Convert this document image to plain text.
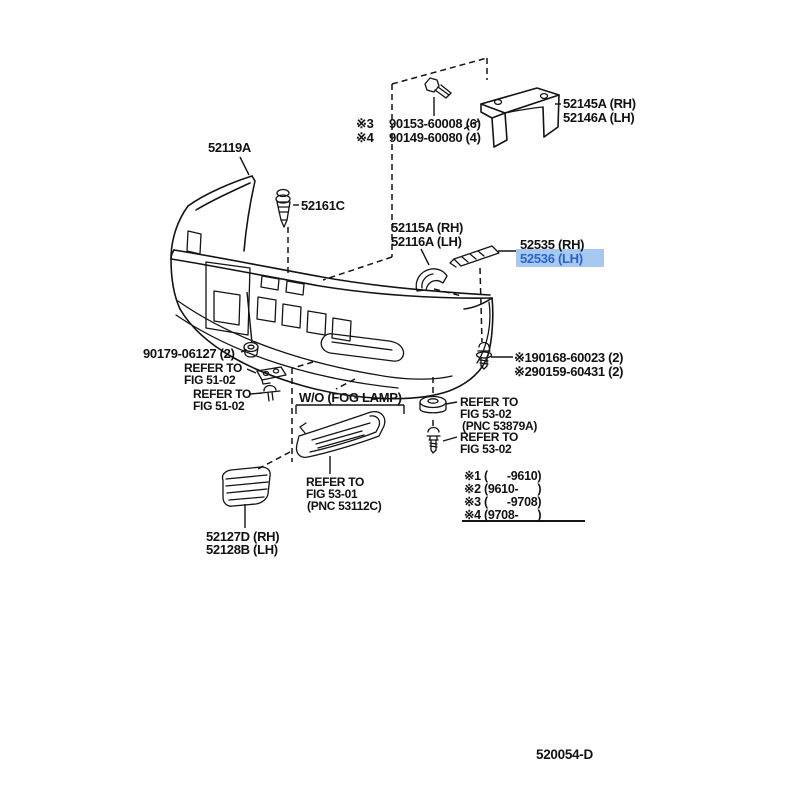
52119A
52161C
※3 90153-60008 (6)
※4 90149-60080 (4)
52145A (RH)
52146A (LH)
52115A (RH)
52116A (LH)	52535 (RH)
52536 (LH)
90179-06127 (2)
REFER TO
FIG 51-02
REFER TO
FIG 51-02
W/O (FOG LAMP)
REFER TO
FIG 53-01
(PNC 53112C)
※190168-60023 (2)
※290159-60431 (2)
REFER TO
FIG 53-02
(PNC 53879A)
REFER TO
FIG 53-02
※1 (      -9610)
※2 (9610-      )
※3 (      -9708)
※4 (9708-      )
52127D (RH)
52128B (LH)
520054-D
